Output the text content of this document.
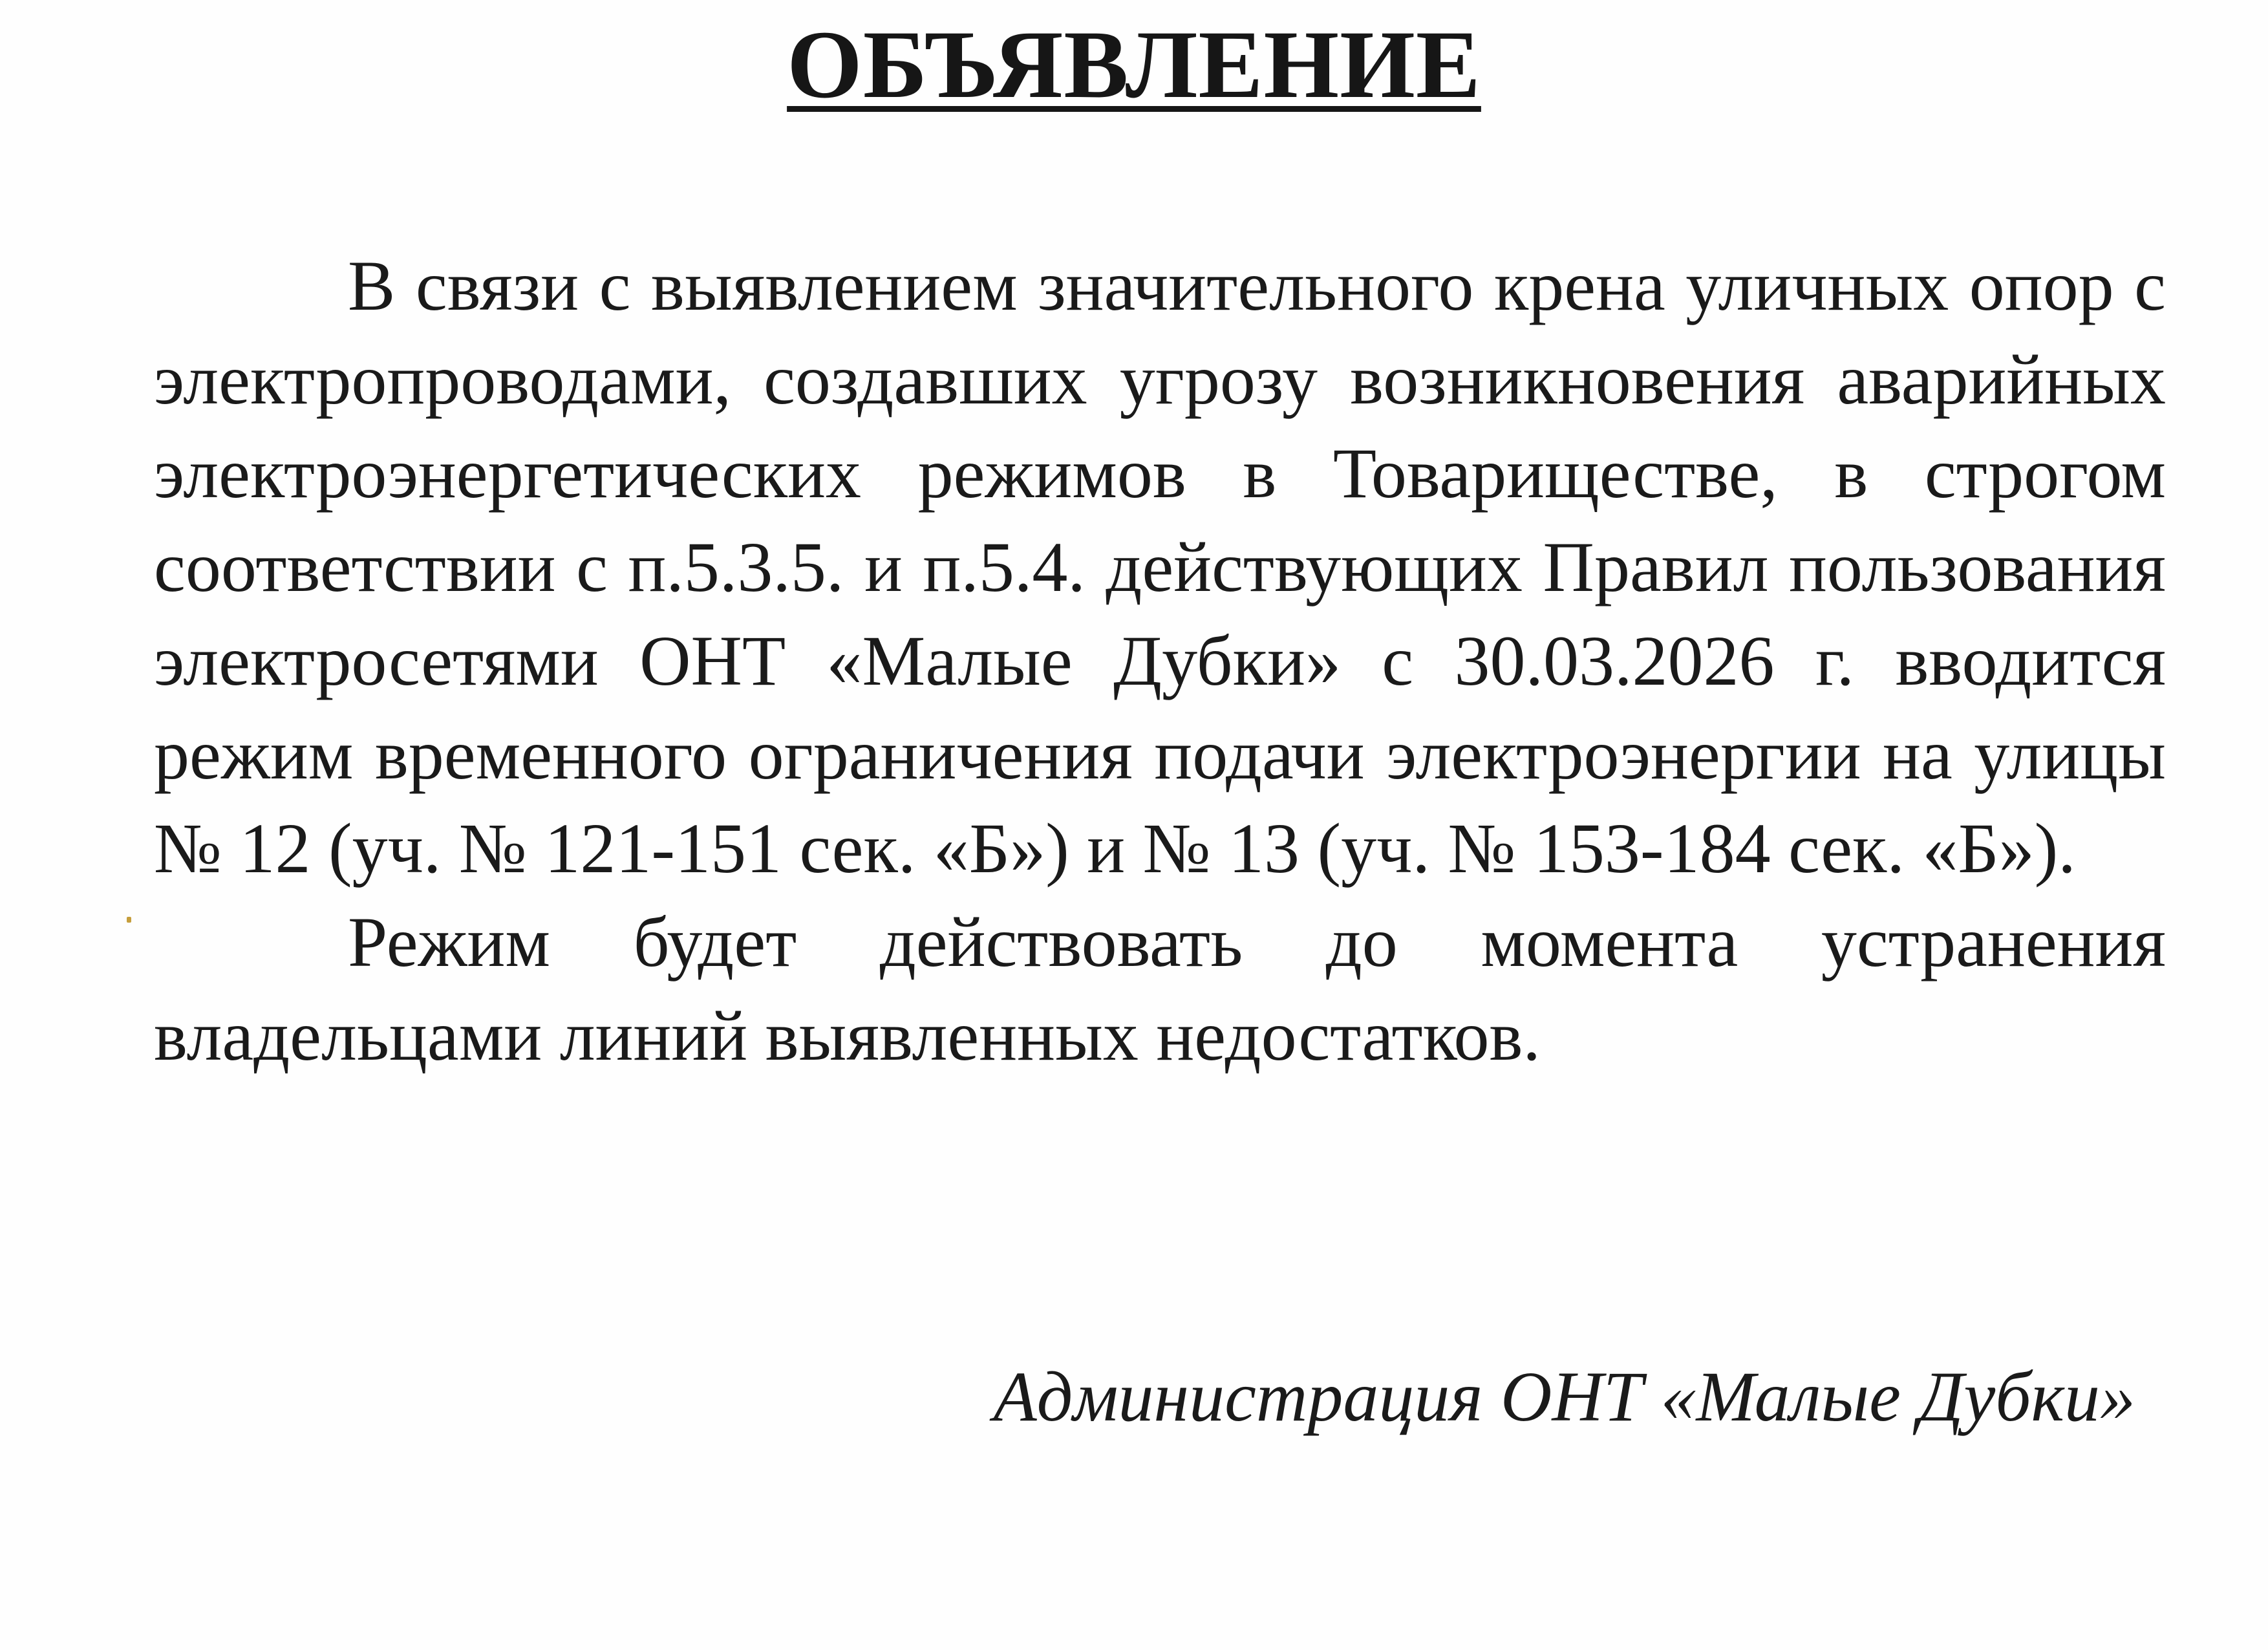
ОБЪЯВЛЕНИЕ

В связи с выявлением значительного крена уличных опор с электропроводами, создавших угрозу возникновения аварийных электроэнергетических режимов в Товариществе, в строгом соответствии с п.5.3.5. и п.5.4. действующих Правил пользования электросетями ОНТ «Малые Дубки» с 30.03.2026 г. вводится режим временного ограничения подачи электроэнергии на улицы № 12 (уч. № 121-151 сек. «Б») и № 13 (уч. № 153-184 сек. «Б»).

Режим будет действовать до момента устранения владельцами линий выявленных недостатков.

Администрация ОНТ «Малые Дубки»
